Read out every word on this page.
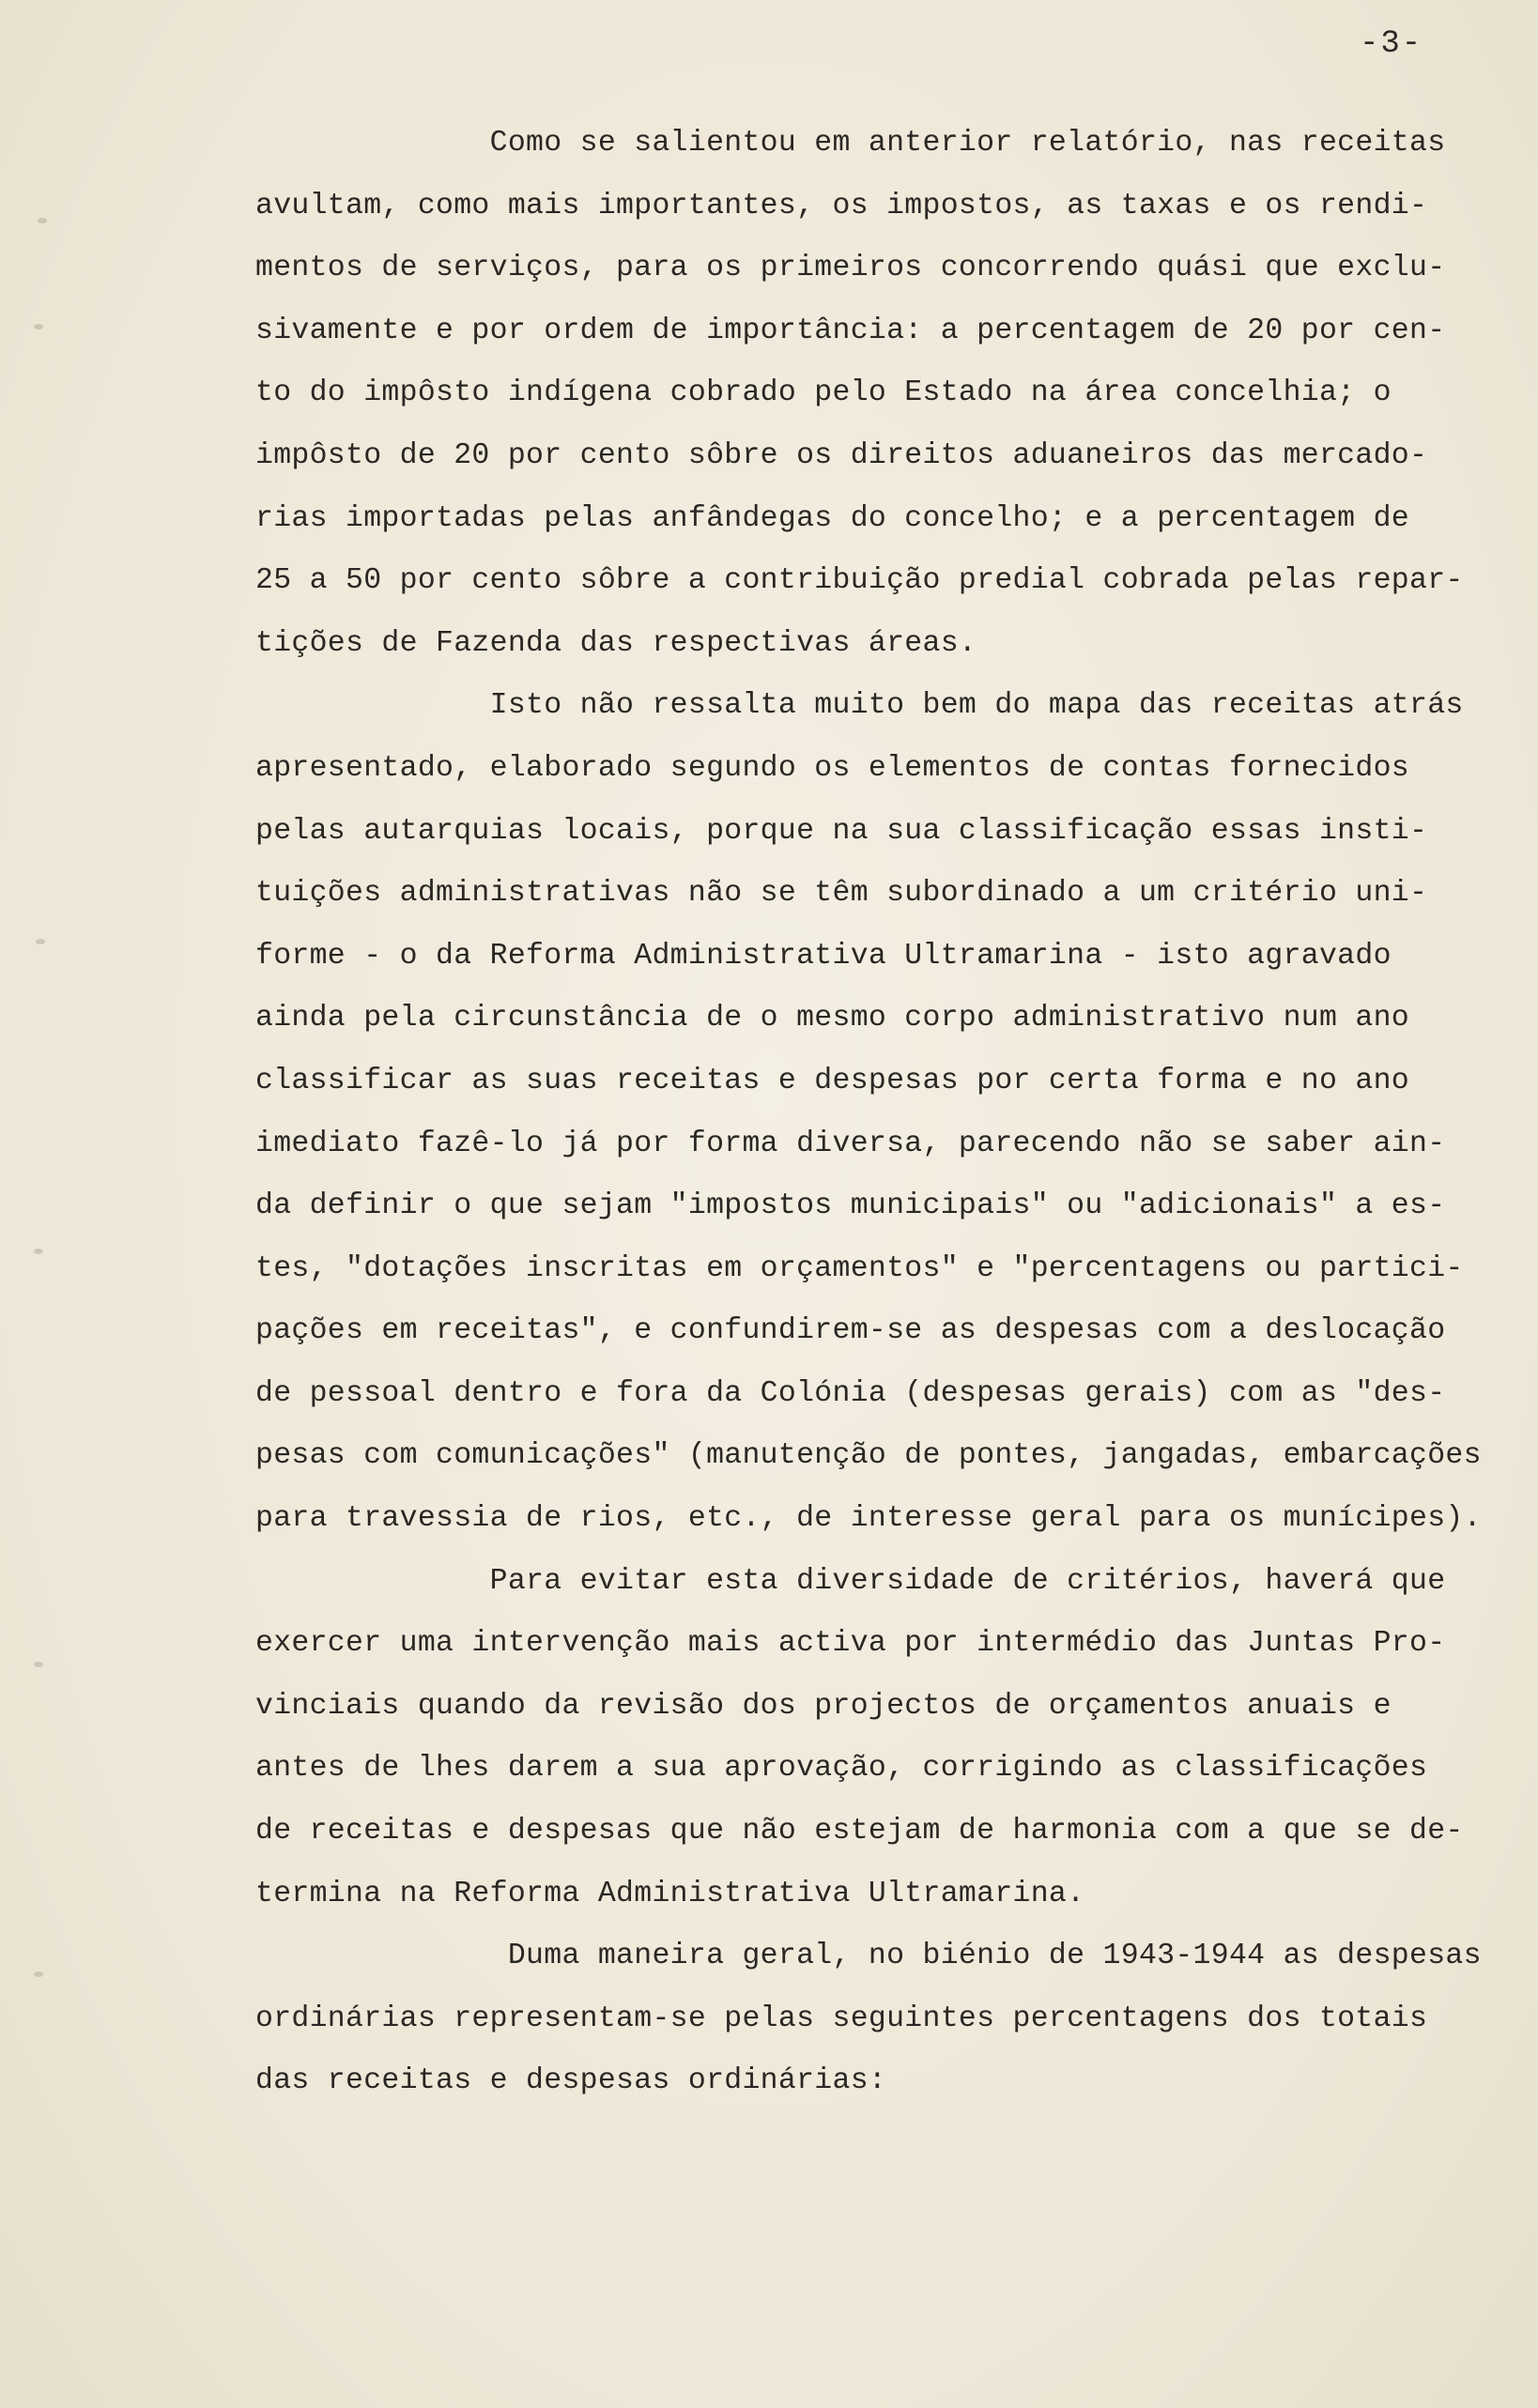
-3-
Como se salientou em anterior relatório, nas receitas
avultam, como mais importantes, os impostos, as taxas e os rendi-
mentos de serviços, para os primeiros concorrendo quási que exclu-
sivamente e por ordem de importância: a percentagem de 20 por cen-
to do impôsto indígena cobrado pelo Estado na área concelhia; o
impôsto de 20 por cento sôbre os direitos aduaneiros das mercado-
rias importadas pelas anfândegas do concelho; e a percentagem de
25 a 50 por cento sôbre a contribuição predial cobrada pelas repar-
tições de Fazenda das respectivas áreas.
Isto não ressalta muito bem do mapa das receitas atrás
apresentado, elaborado segundo os elementos de contas fornecidos
pelas autarquias locais, porque na sua classificação essas insti-
tuições administrativas não se têm subordinado a um critério uni-
forme - o da Reforma Administrativa Ultramarina - isto agravado
ainda pela circunstância de o mesmo corpo administrativo num ano
classificar as suas receitas e despesas por certa forma e no ano
imediato fazê-lo já por forma diversa, parecendo não se saber ain-
da definir o que sejam "impostos municipais" ou "adicionais" a es-
tes, "dotações inscritas em orçamentos" e "percentagens ou partici-
pações em receitas", e confundirem-se as despesas com a deslocação
de pessoal dentro e fora da Colónia (despesas gerais) com as "des-
pesas com comunicações" (manutenção de pontes, jangadas, embarcações
para travessia de rios, etc., de interesse geral para os munícipes).
Para evitar esta diversidade de critérios, haverá que
exercer uma intervenção mais activa por intermédio das Juntas Pro-
vinciais quando da revisão dos projectos de orçamentos anuais e
antes de lhes darem a sua aprovação, corrigindo as classificações
de receitas e despesas que não estejam de harmonia com a que se de-
termina na Reforma Administrativa Ultramarina.
Duma maneira geral, no biénio de 1943-1944 as despesas
ordinárias representam-se pelas seguintes percentagens dos totais
das receitas e despesas ordinárias:
